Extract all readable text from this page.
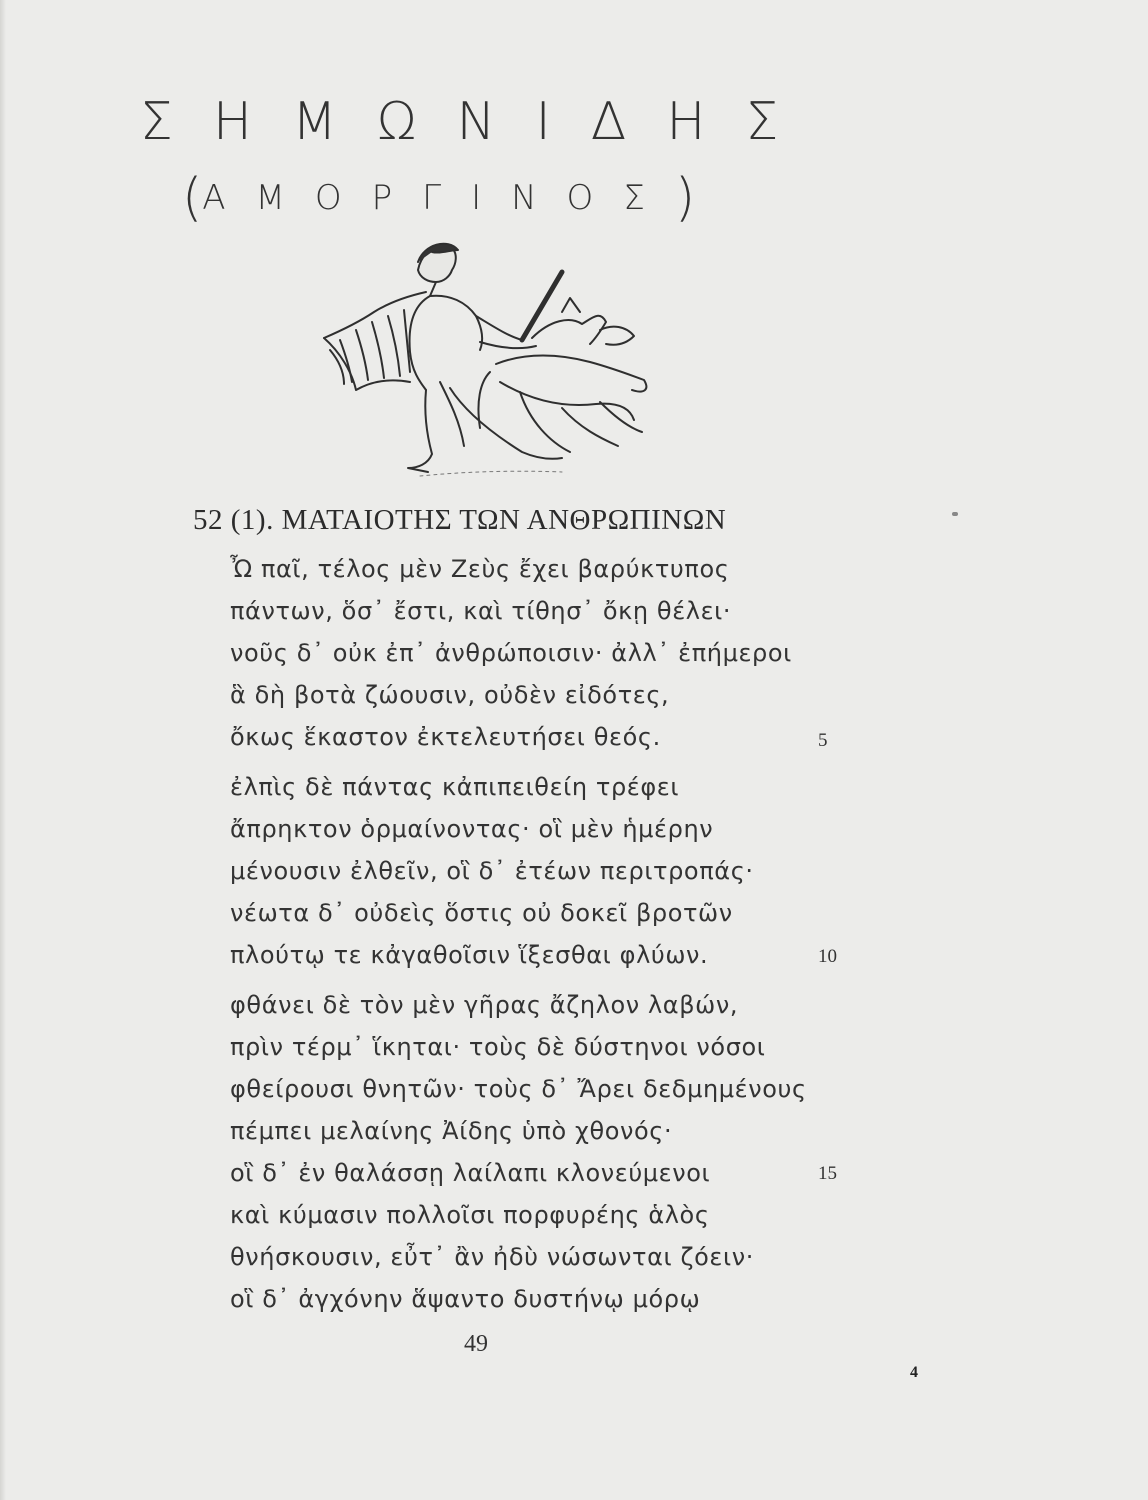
ΣΗΜΩΝΙΔΗΣ
(ΑΜΟΡΓΙΝΟΣ)
52 (1). ΜΑΤΑΙΟΤΗΣ ΤΩΝ ΑΝΘΡΩΠΙΝΩΝ
Ὦ παῖ, τέλος μὲν Ζεὺς ἔχει βαρύκτυπος
πάντων, ὅσ᾽ ἔστι, καὶ τίθησ᾽ ὄκῃ θέλει·
νοῦς δ᾽ οὐκ ἐπ᾽ ἀνθρώποισιν· ἀλλ᾽ ἐπήμεροι
ἃ δὴ βοτὰ ζώουσιν, οὐδὲν εἰδότες,
ὄκως ἕκαστον ἐκτελευτήσει θεός.	5
ἐλπὶς δὲ πάντας κἀπιπειθείη τρέφει
ἄπρηκτον ὁρμαίνοντας· οἳ μὲν ἡμέρην
μένουσιν ἐλθεῖν, οἳ δ᾽ ἐτέων περιτροπάς·
νέωτα δ᾽ οὐδεὶς ὅστις οὐ δοκεῖ βροτῶν
πλούτῳ τε κἀγαθοῖσιν ἵξεσθαι φλύων.	10
φθάνει δὲ τὸν μὲν γῆρας ἄζηλον λαβών,
πρὶν τέρμ᾽ ἵκηται· τοὺς δὲ δύστηνοι νόσοι
φθείρουσι θνητῶν· τοὺς δ᾽ Ἄρει δεδμημένους
πέμπει μελαίνης Ἀίδης ὑπὸ χθονός·
οἳ δ᾽ ἐν θαλάσσῃ λαίλαπι κλονεύμενοι	15
καὶ κύμασιν πολλοῖσι πορφυρέης ἁλὸς
θνήσκουσιν, εὖτ᾽ ἂν ἠδὺ νώσωνται ζόειν·
οἳ δ᾽ ἀγχόνην ἅψαντο δυστήνῳ μόρῳ
49
4
